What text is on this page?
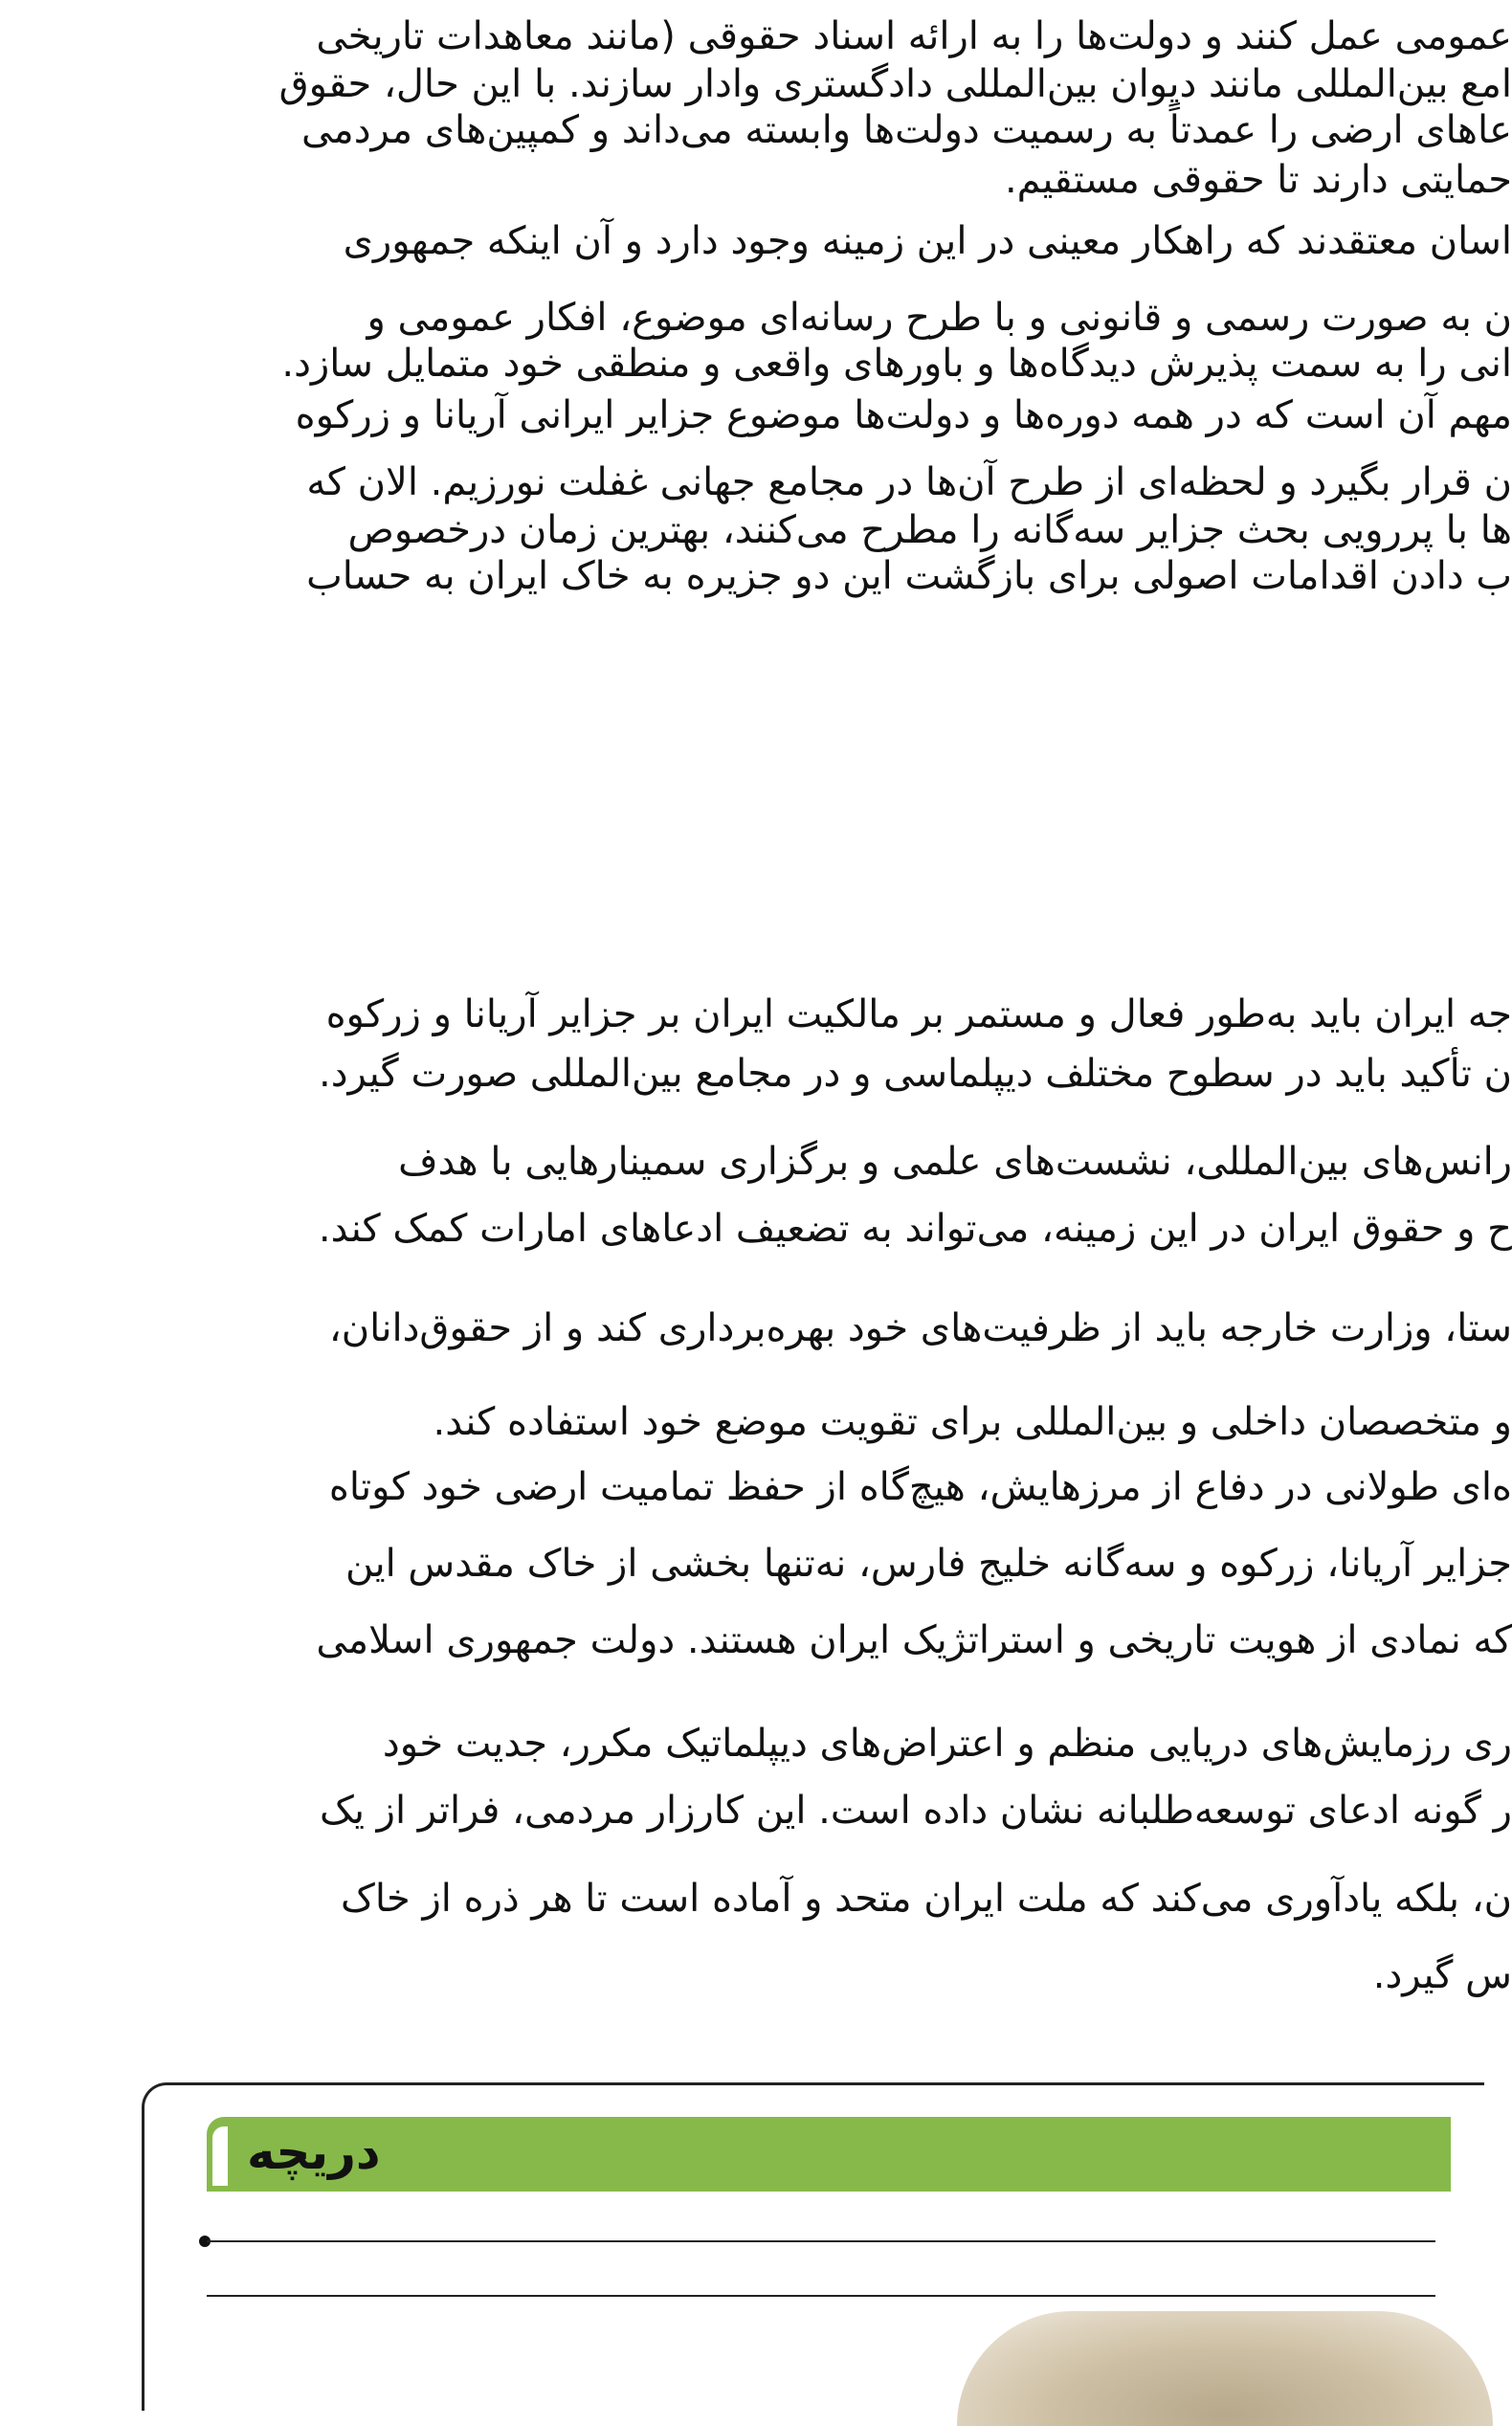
عمومی عمل کنند و دولت‌ها را به ارائه اسناد حقوقی (مانند معاهدات تاریخی
امع بین‌المللی مانند دیوان بین‌المللی دادگستری وادار سازند. با این حال، حقوق
عاهای ارضی را عمدتاً به رسمیت دولت‌ها وابسته می‌داند و کمپین‌های مردمی
حمایتی دارند تا حقوقی مستقیم.
اسان معتقدند که راهکار معینی در این زمینه وجود دارد و آن اینکه جمهوری
ن به صورت رسمی و قانونی و با طرح رسانه‌ای موضوع، افکار عمومی و
انی را به سمت پذیرش دیدگاه‌ها و باورهای واقعی و منطقی خود متمایل سازد.
مهم آن است که در همه دوره‌ها و دولت‌ها موضوع جزایر ایرانی آریانا و زرکوه
ن قرار بگیرد و لحظه‌ای از طرح آن‌ها در مجامع جهانی غفلت نورزیم. الان که
ها با پررویی بحث جزایر سه‌گانه را مطرح می‌کنند، بهترین زمان درخصوص
ب دادن اقدامات اصولی برای بازگشت این دو جزیره به خاک ایران به حساب
جه ایران باید به‌طور فعال و مستمر بر مالکیت ایران بر جزایر آریانا و زرکوه
ن تأکید باید در سطوح مختلف دیپلماسی و در مجامع بین‌المللی صورت گیرد.
رانس‌های بین‌المللی، نشست‌های علمی و برگزاری سمینارهایی با هدف
ح و حقوق ایران در این زمینه، می‌تواند به تضعیف ادعاهای امارات کمک کند.
ستا، وزارت خارجه باید از ظرفیت‌های خود بهره‌برداری کند و از حقوق‌دانان،
و متخصصان داخلی و بین‌المللی برای تقویت موضع خود استفاده کند.
ه‌ای طولانی در دفاع از مرزهایش، هیچ‌گاه از حفظ تمامیت ارضی خود کوتاه
جزایر آریانا، زرکوه و سه‌گانه خلیج فارس، نه‌تنها بخشی از خاک مقدس این
که نمادی از هویت تاریخی و استراتژیک ایران هستند. دولت جمهوری اسلامی
ری رزمایش‌های دریایی منظم و اعتراض‌های دیپلماتیک مکرر، جدیت خود
ر گونه ادعای توسعه‌طلبانه نشان داده است. این کارزار مردمی، فراتر از یک
ن، بلکه یادآوری می‌کند که ملت ایران متحد و آماده است تا هر ذره از خاک
س گیرد.
دریچه
